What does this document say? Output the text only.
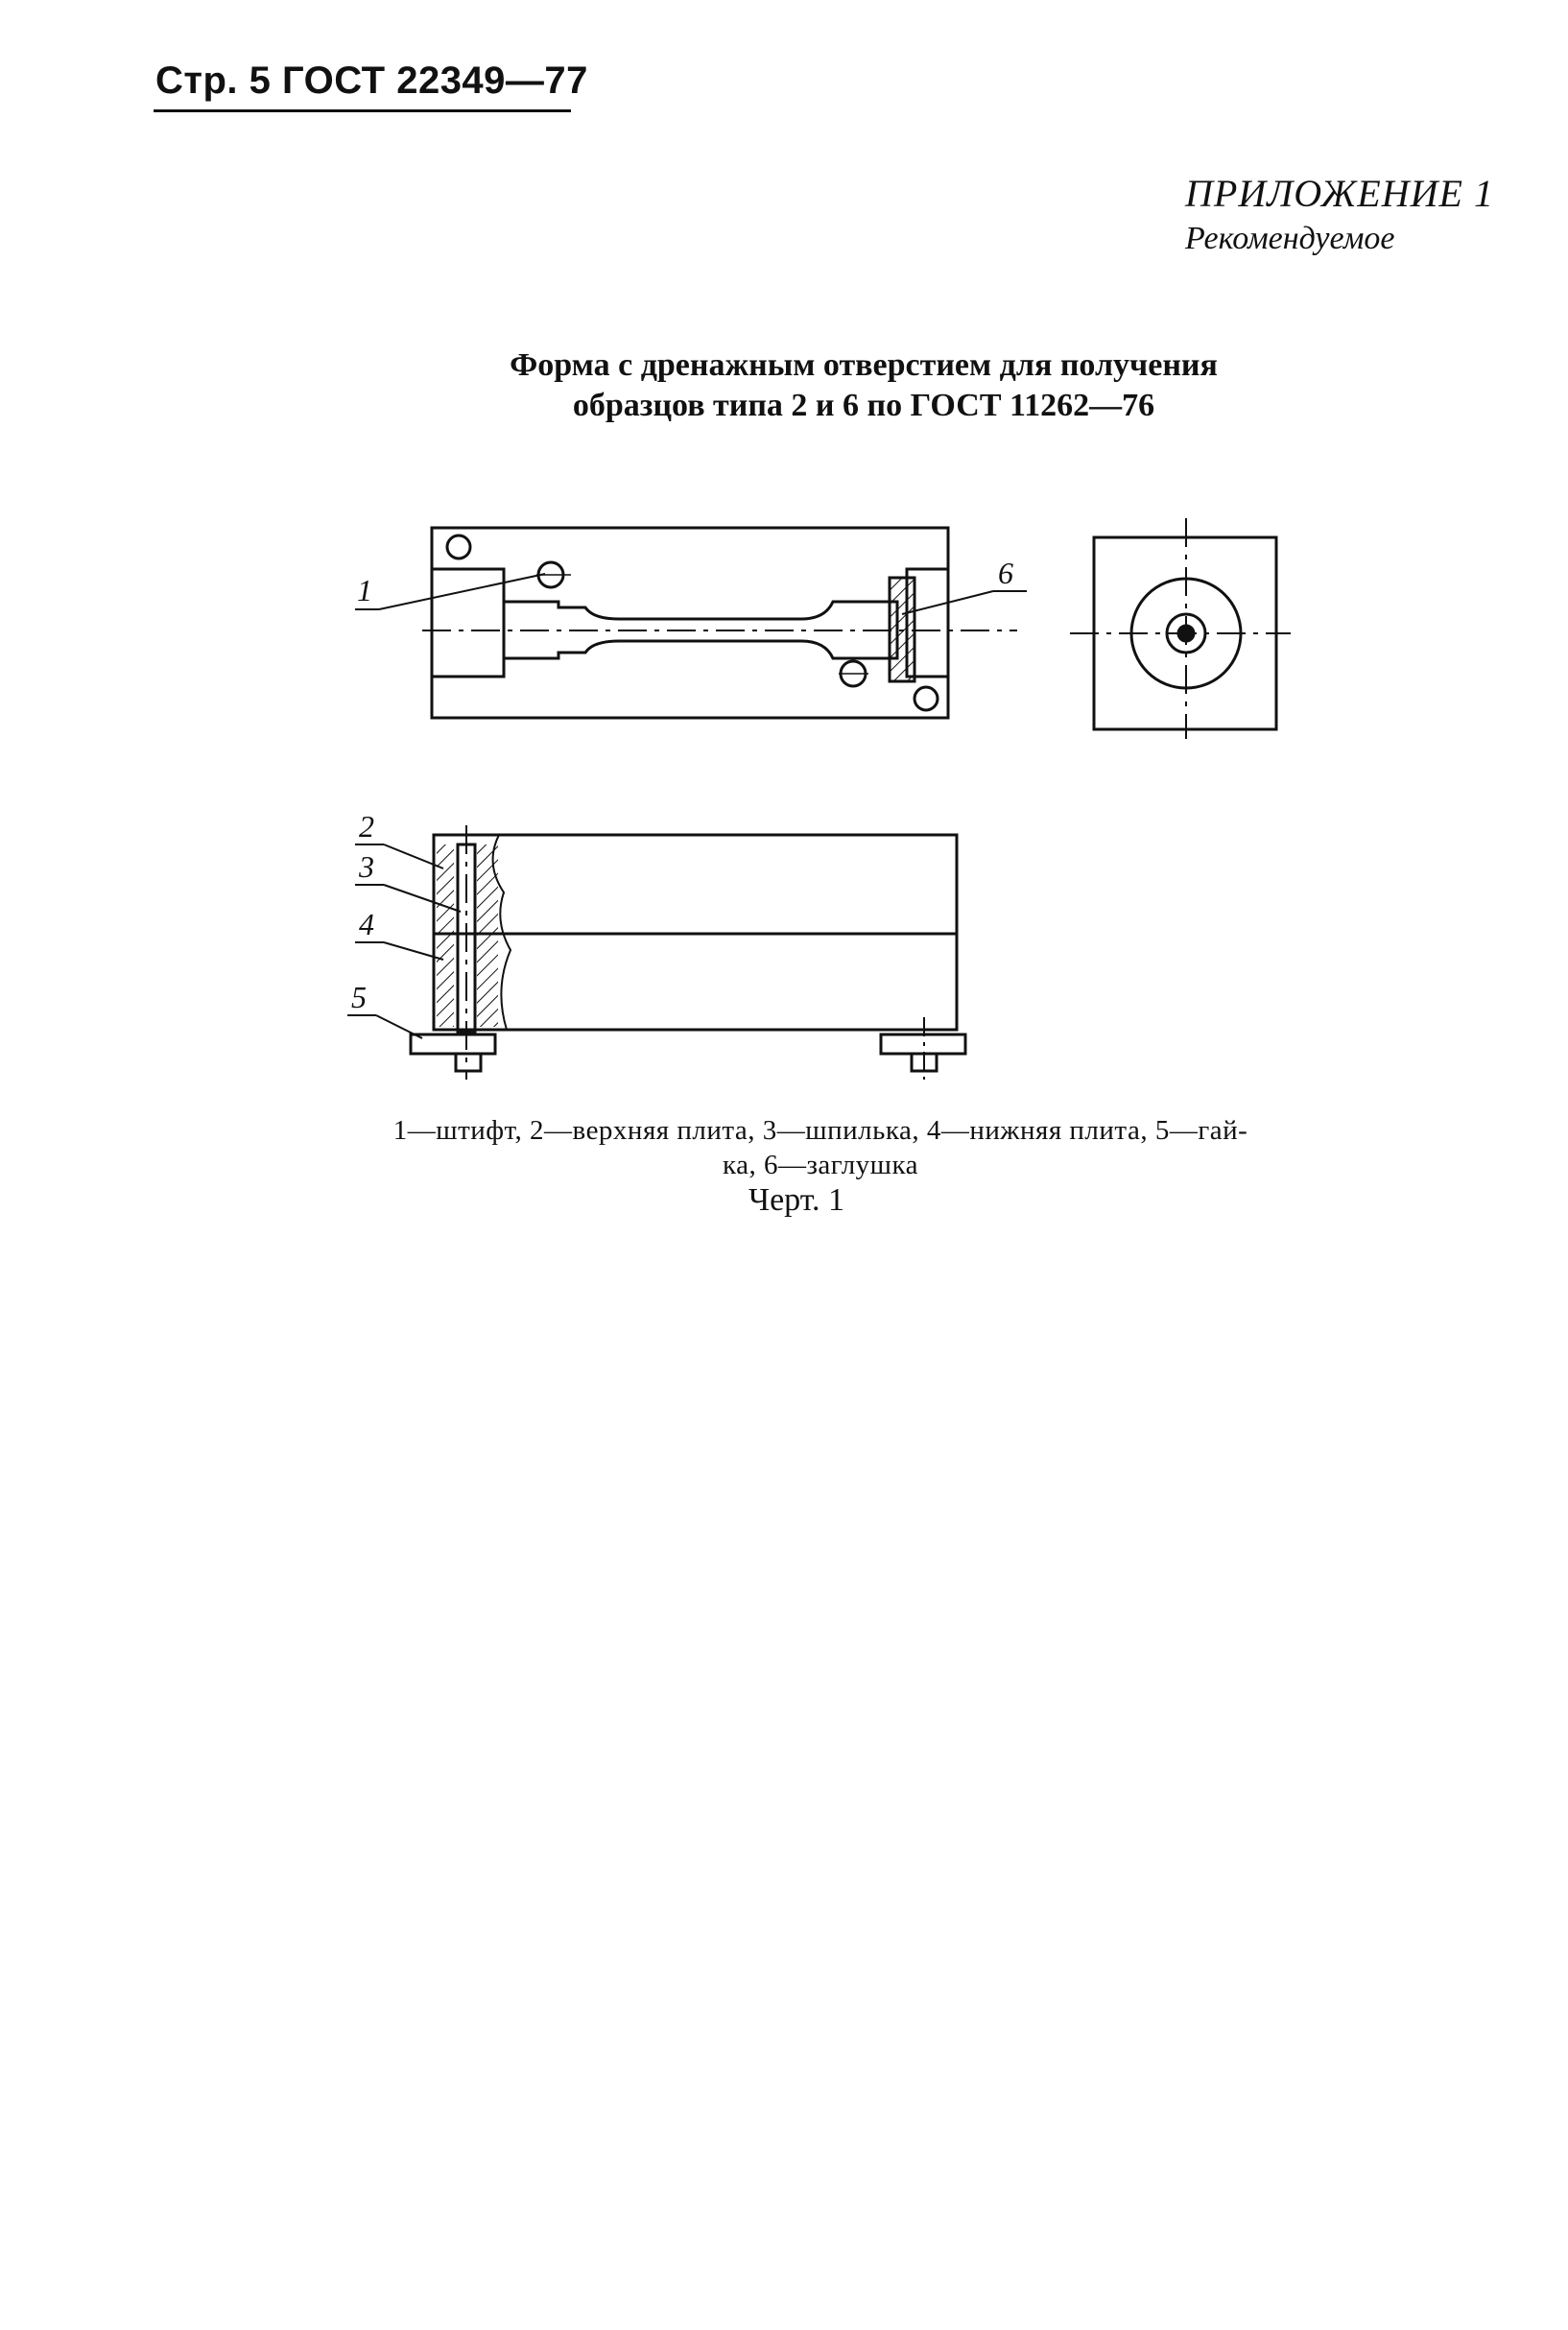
Стр. 5 ГОСТ 22349—77
ПРИЛОЖЕНИЕ 1
Рекомендуемое
Форма с дренажным отверстием для получения
образцов типа 2 и 6 по ГОСТ 11262—76
1	6
2
3
4
5
1—штифт, 2—верхняя плита, 3—шпилька, 4—нижняя плита, 5—гай-
ка, 6—заглушка
Черт. 1
